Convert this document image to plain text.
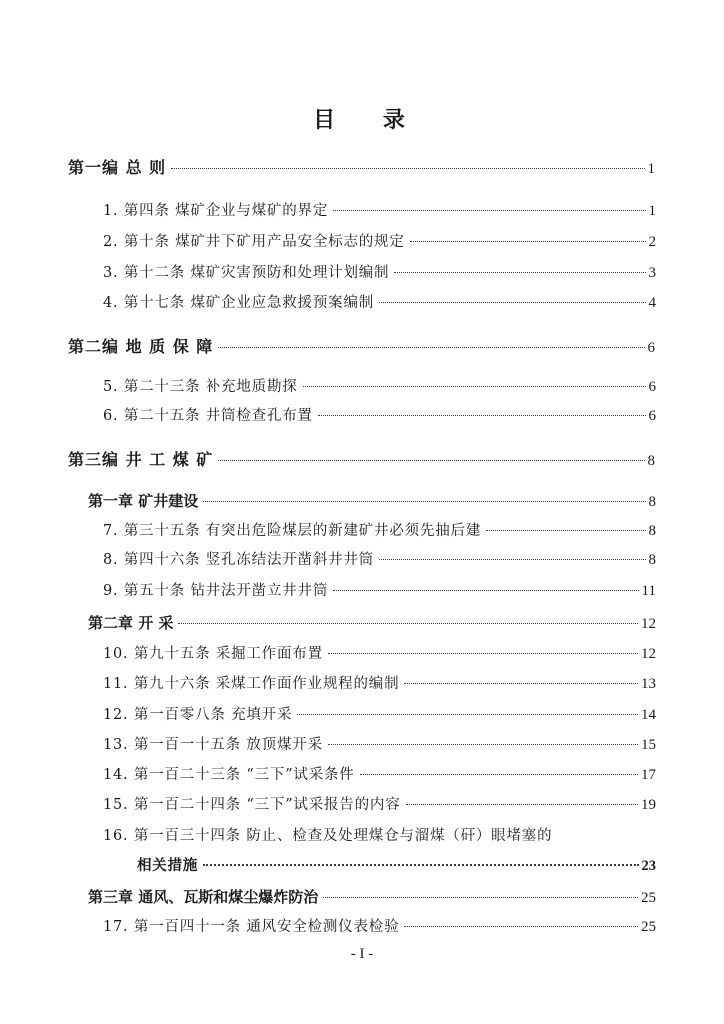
目 录
第一编 总 则	1
1. 第四条 煤矿企业与煤矿的界定	1
2. 第十条 煤矿井下矿用产品安全标志的规定	2
3. 第十二条 煤矿灾害预防和处理计划编制	3
4. 第十七条 煤矿企业应急救援预案编制	4
第二编 地 质 保 障	6
5. 第二十三条 补充地质勘探	6
6. 第二十五条 井筒检查孔布置	6
第三编 井 工 煤 矿	8
第一章 矿井建设	8
7. 第三十五条 有突出危险煤层的新建矿井必须先抽后建	8
8. 第四十六条 竖孔冻结法开凿斜井井筒	8
9. 第五十条 钻井法开凿立井井筒	11
第二章 开 采	12
10. 第九十五条 采掘工作面布置	12
11. 第九十六条 采煤工作面作业规程的编制	13
12. 第一百零八条 充填开采	14
13. 第一百一十五条 放顶煤开采	15
14. 第一百二十三条 “三下”试采条件	17
15. 第一百二十四条 “三下”试采报告的内容	19
16. 第一百三十四条 防止、检查及处理煤仓与溜煤（矸）眼堵塞的
相关措施	23
第三章 通风、瓦斯和煤尘爆炸防治	25
17. 第一百四十一条 通风安全检测仪表检验	25
- I -
